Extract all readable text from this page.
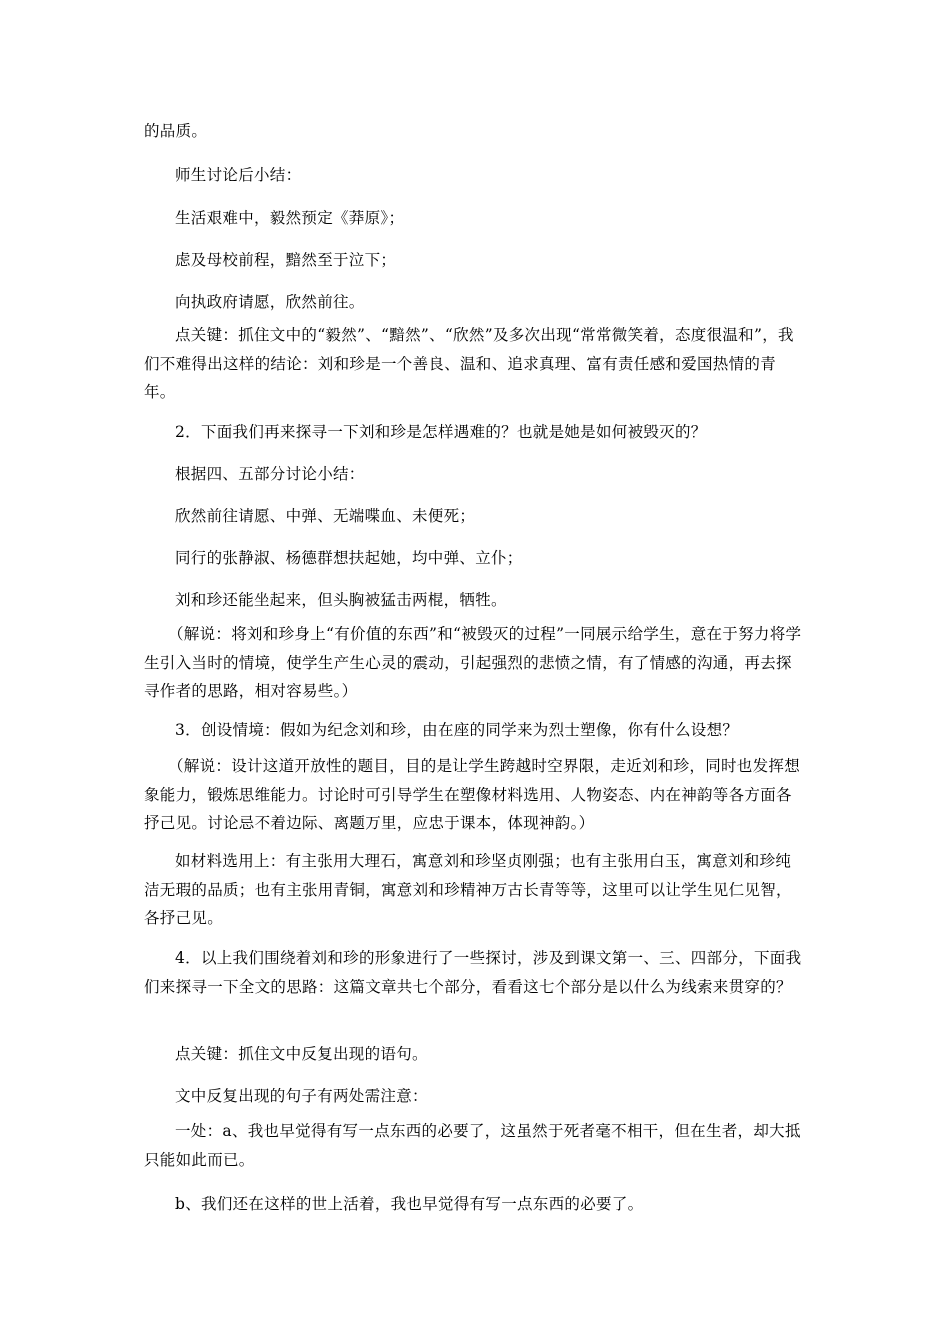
的品质。

师生讨论后小结：

生活艰难中，毅然预定《莽原》；

虑及母校前程，黯然至于泣下；

向执政府请愿，欣然前往。

点关键：抓住文中的“毅然”、“黯然”、“欣然”及多次出现“常常微笑着，态度很温和”，我们不难得出这样的结论：刘和珍是一个善良、温和、追求真理、富有责任感和爱国热情的青年。

2．下面我们再来探寻一下刘和珍是怎样遇难的？也就是她是如何被毁灭的？

根据四、五部分讨论小结：

欣然前往请愿、中弹、无端喋血、未便死；

同行的张静淑、杨德群想扶起她，均中弹、立仆；

刘和珍还能坐起来，但头胸被猛击两棍，牺牲。

（解说：将刘和珍身上“有价值的东西”和“被毁灭的过程”一同展示给学生，意在于努力将学生引入当时的情境，使学生产生心灵的震动，引起强烈的悲愤之情，有了情感的沟通，再去探寻作者的思路，相对容易些。）

3．创设情境：假如为纪念刘和珍，由在座的同学来为烈士塑像，你有什么设想？

（解说：设计这道开放性的题目，目的是让学生跨越时空界限，走近刘和珍，同时也发挥想象能力，锻炼思维能力。讨论时可引导学生在塑像材料选用、人物姿态、内在神韵等各方面各抒己见。讨论忌不着边际、离题万里，应忠于课本，体现神韵。）

如材料选用上：有主张用大理石，寓意刘和珍坚贞刚强；也有主张用白玉，寓意刘和珍纯洁无瑕的品质；也有主张用青铜，寓意刘和珍精神万古长青等等，这里可以让学生见仁见智，各抒己见。

4．以上我们围绕着刘和珍的形象进行了一些探讨，涉及到课文第一、三、四部分，下面我们来探寻一下全文的思路：这篇文章共七个部分，看看这七个部分是以什么为线索来贯穿的？

点关键：抓住文中反复出现的语句。

文中反复出现的句子有两处需注意：

一处：a、我也早觉得有写一点东西的必要了，这虽然于死者毫不相干，但在生者，却大抵只能如此而已。

b、我们还在这样的世上活着，我也早觉得有写一点东西的必要了。
